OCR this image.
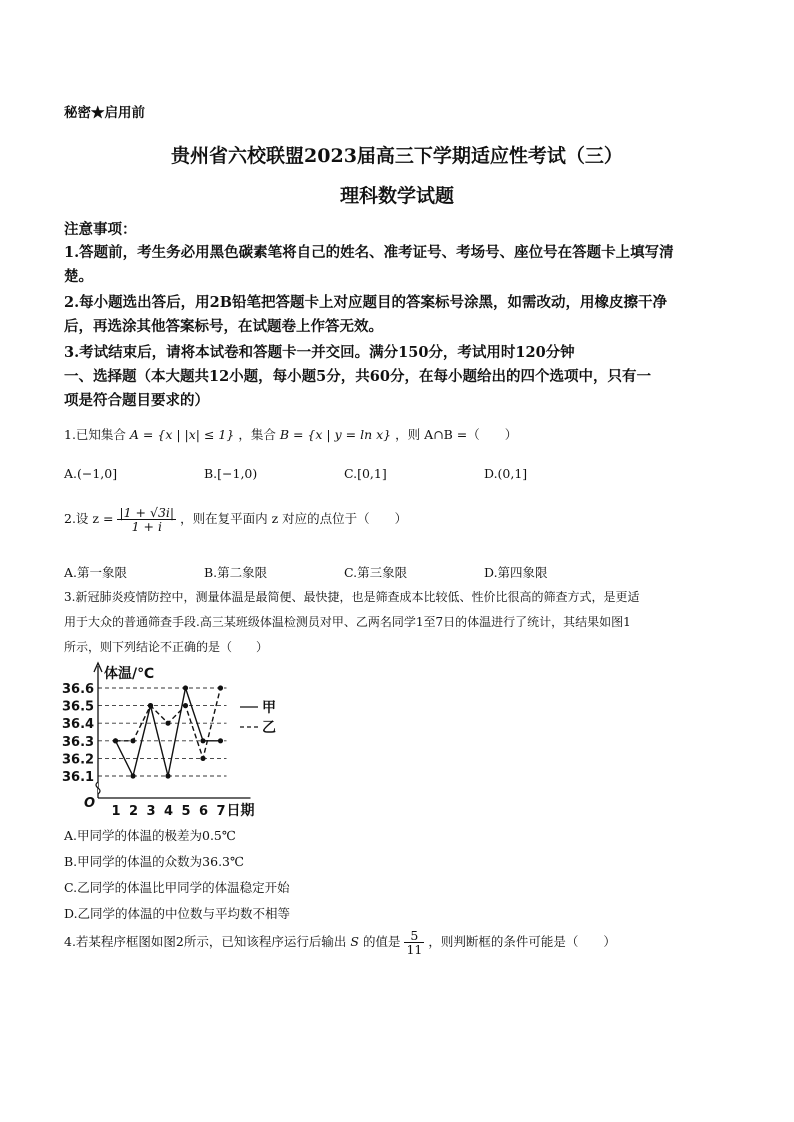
秘密★启用前
贵州省六校联盟2023届高三下学期适应性考试（三）
理科数学试题
注意事项：
1.答题前，考生务必用黑色碳素笔将自己的姓名、准考证号、考场号、座位号在答题卡上填写清
楚。
2.每小题选出答后，用2B铅笔把答题卡上对应题目的答案标号涂黑，如需改动，用橡皮擦干净
后，再选涂其他答案标号，在试题卷上作答无效。
3.考试结束后，请将本试卷和答题卡一并交回。满分150分，考试用时120分钟
一、选择题（本大题共12小题，每小题5分，共60分，在每小题给出的四个选项中，只有一
项是符合题目要求的）
1.已知集合 A = {x | |x| ≤ 1} ，集合 B = {x | y = ln x} ，则 A∩B =（　　）
A.(−1,0]	B.[−1,0)	C.[0,1]	D.(0,1]
2.设 $z = \frac{|1 + √3i|}{1 + i}$ ，则在复平面内 z 对应的点位于（　　）
A.第一象限	B.第二象限	C.第三象限	D.第四象限
3.新冠肺炎疫情防控中，测量体温是最简便、最快捷，也是筛查成本比较低、性价比很高的筛查方式，是更适
用于大众的普通筛查手段.高三某班级体温检测员对甲、乙两名同学1至7日的体温进行了统计，其结果如图1
所示，则下列结论不正确的是（　　）
36.1
36.2
36.3
36.4
36.5
36.6
体温/℃
O
1 2 3 4 5 6 7 日期
甲
乙
A.甲同学的体温的极差为0.5℃
B.甲同学的体温的众数为36.3℃
C.乙同学的体温比甲同学的体温稳定开始
D.乙同学的体温的中位数与平均数不相等
4.若某程序框图如图2所示，已知该程序运行后输出 S 的值是 $\frac{5}{11}$ ，则判断框的条件可能是（　　）
